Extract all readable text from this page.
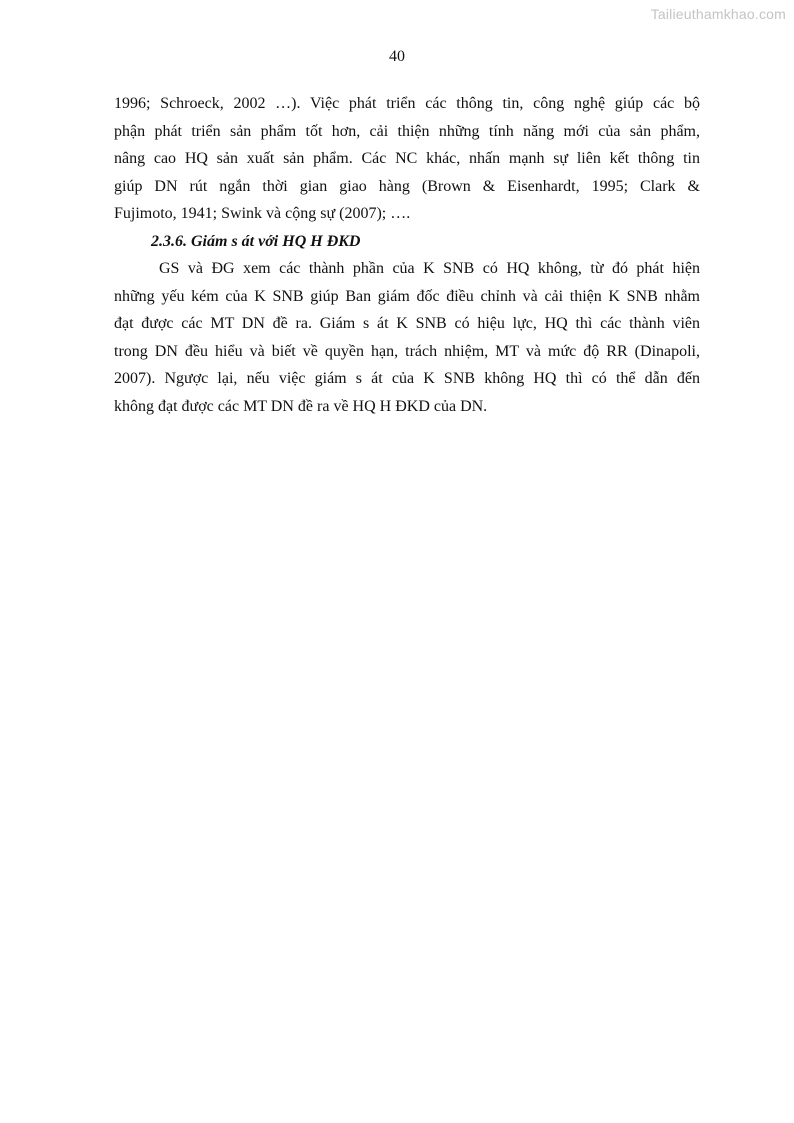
Tailieuthamkhao.com
40

1996; Schroeck, 2002 …). Việc phát triển các thông tin, công nghệ giúp các bộ
phận phát triển sản phẩm tốt hơn, cải thiện những tính năng mới của sản phẩm,
nâng cao HQ sản xuất sản phẩm. Các NC khác, nhấn mạnh sự liên kết thông tin
giúp DN rút ngắn thời gian giao hàng (Brown & Eisenhardt, 1995; Clark &
Fujimoto, 1941; Swink và cộng sự (2007); ….

2.3.6. Giám s át với HQ H ĐKD

GS và ĐG xem các thành phần của K SNB có HQ không, từ đó phát hiện
những yếu kém của K SNB giúp Ban giám đốc điều chỉnh và cải thiện K SNB nhằm
đạt được các MT DN đề ra. Giám s át K SNB có hiệu lực, HQ thì các thành viên
trong DN đều hiểu và biết về quyền hạn, trách nhiệm, MT và mức độ RR (Dinapoli,
2007). Ngược lại, nếu việc giám s át của K SNB không HQ thì có thể dẫn đến
không đạt được các MT DN đề ra về HQ H ĐKD của DN.
